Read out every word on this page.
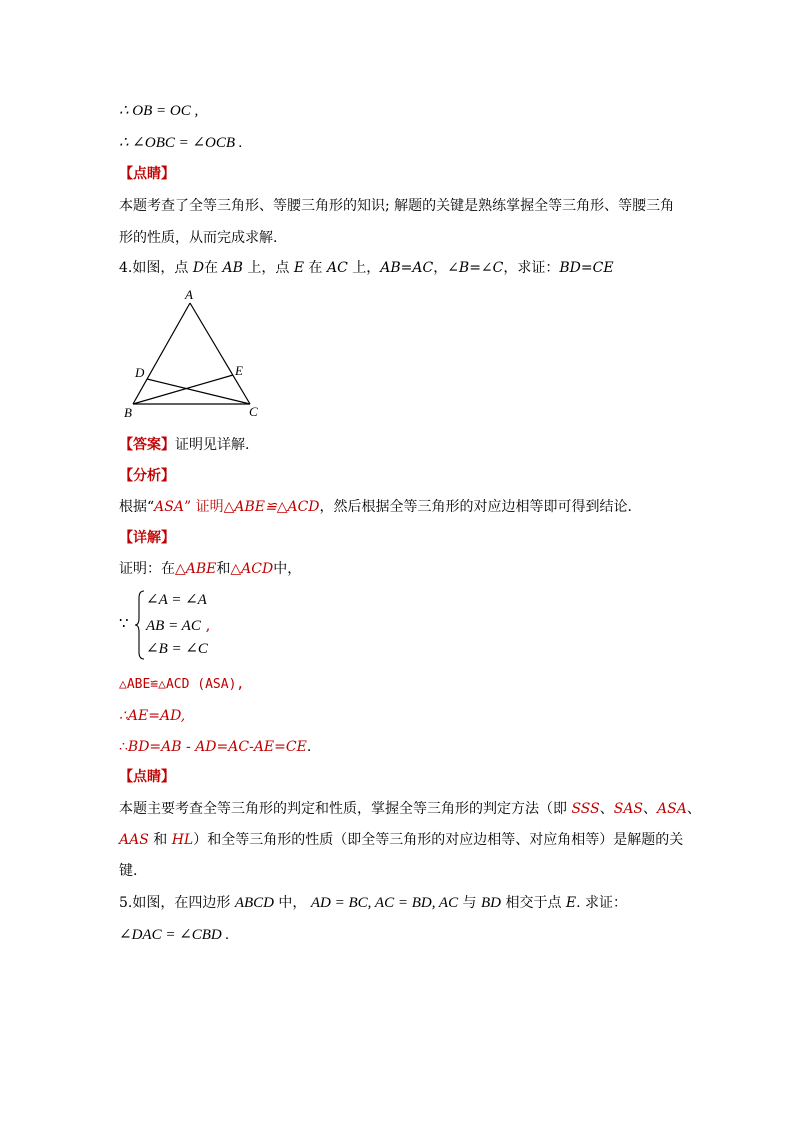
∴ OB = OC ,
∴ ∠OBC = ∠OCB .
【点睛】
本题考查了全等三角形、等腰三角形的知识; 解题的关键是熟练掌握全等三角形、等腰三角
形的性质，从而完成求解.
4.如图，点 D在 AB 上，点 E 在 AC 上，AB=AC，∠B=∠C，求证：BD=CE
A
B	C
D	E
【答案】证明见详解.
【分析】
根据“ASA” 证明△ABE≌△ACD，然后根据全等三角形的对应边相等即可得到结论.
【详解】
证明：在△ABE和△ACD中，
∵
∠A = ∠A
AB = AC ,
∠B = ∠C
△ABE≌△ACD (ASA),
∴AE=AD,
∴BD=AB - AD=AC-AE=CE.
【点睛】
本题主要考查全等三角形的判定和性质，掌握全等三角形的判定方法（即 SSS、SAS、ASA、
AAS 和 HL）和全等三角形的性质（即全等三角形的对应边相等、对应角相等）是解题的关
键.
5.如图，在四边形 ABCD 中， AD = BC, AC = BD, AC 与 BD 相交于点 E. 求证：
∠DAC = ∠CBD .
